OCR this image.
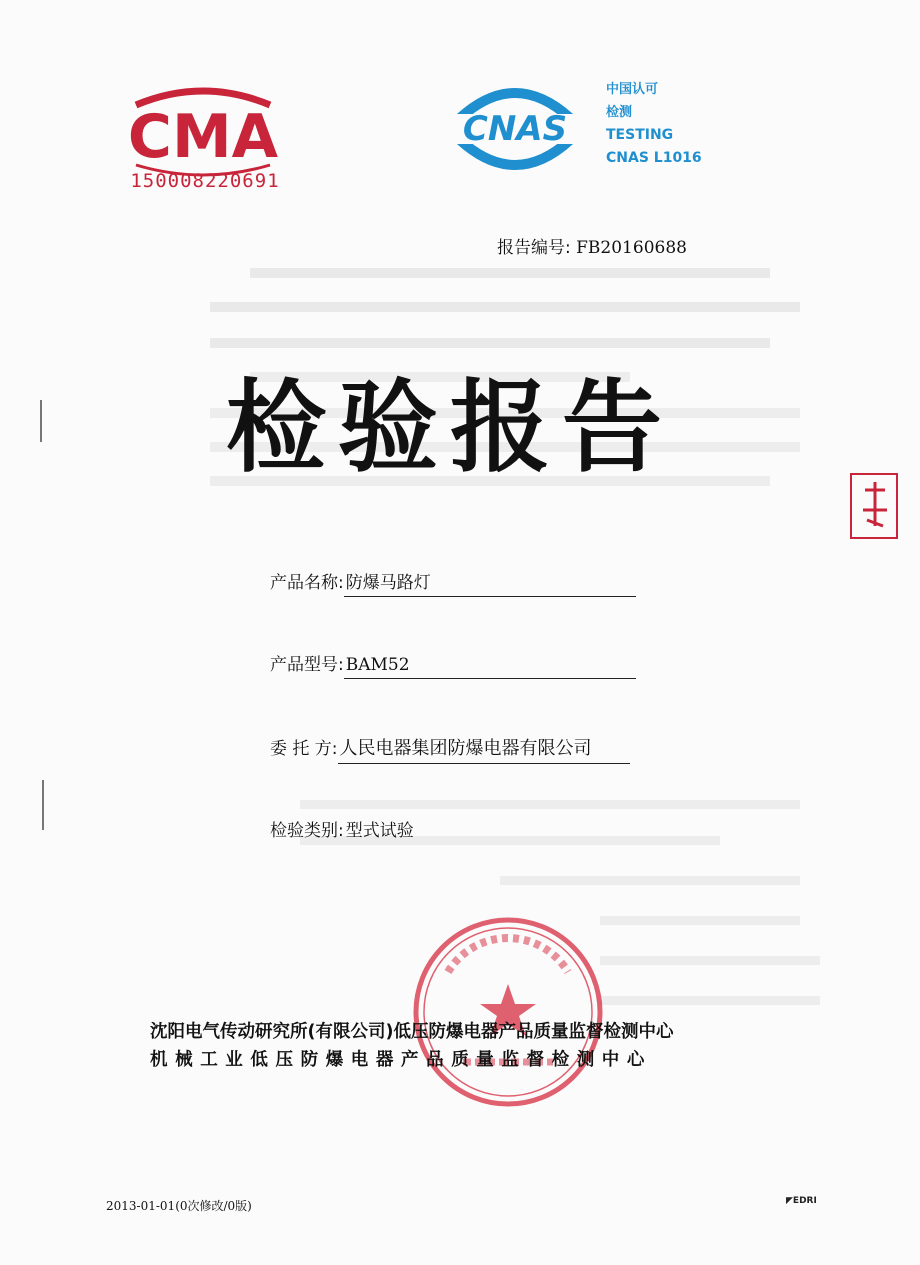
CMA
150008220691
CNAS
中国认可
检测
TESTING
CNAS L1016
报告编号: FB20160688
检验报告
产品名称: 防爆马路灯
产品型号: BAM52
委 托 方: 人民电器集团防爆电器有限公司
检验类别: 型式试验
沈阳电气传动研究所(有限公司)低压防爆电器产品质量监督检测中心
机械工业低压防爆电器产品质量监督检测中心
2013-01-01(0次修改/0版)	◤EDRI
